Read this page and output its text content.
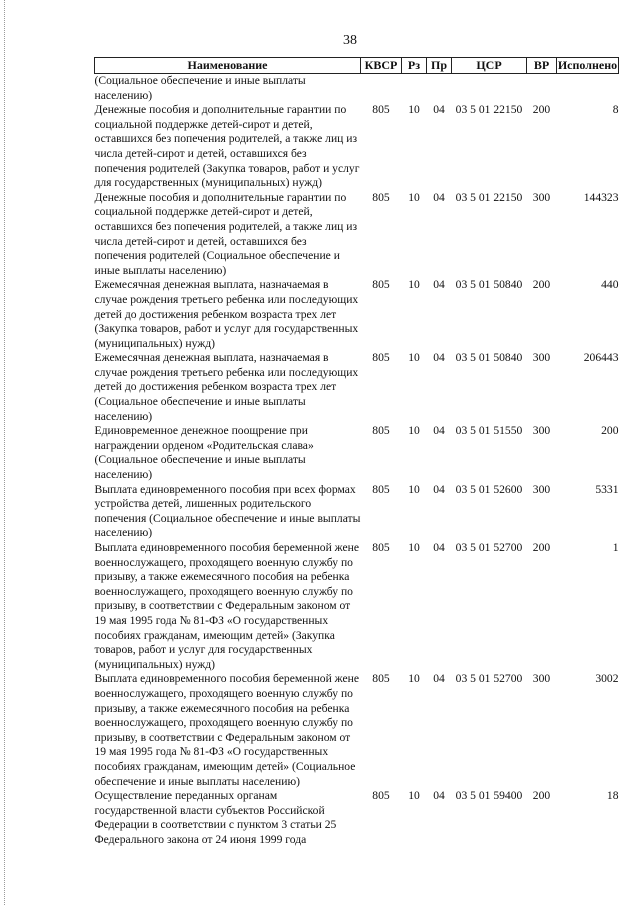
38
Наименование	КВСР	Рз	Пр	ЦСР	ВР	Исполнено
(Социальное обеспечение и иные выплаты населению)						
Денежные пособия и дополнительные гарантии по социальной поддержке детей-сирот и детей, оставшихся без попечения родителей, а также лиц из числа детей-сирот и детей, оставшихся без попечения родителей (Закупка товаров, работ и услуг для государственных (муниципальных) нужд)	805	10	04	03 5 01 22150	200	8
Денежные пособия и дополнительные гарантии по социальной поддержке детей-сирот и детей, оставшихся без попечения родителей, а также лиц из числа детей-сирот и детей, оставшихся без попечения родителей (Социальное обеспечение и иные выплаты населению)	805	10	04	03 5 01 22150	300	144323
Ежемесячная денежная выплата, назначаемая в случае рождения третьего ребенка или последующих детей до достижения ребенком возраста трех лет (Закупка товаров, работ и услуг для государственных (муниципальных) нужд)	805	10	04	03 5 01 50840	200	440
Ежемесячная денежная выплата, назначаемая в случае рождения третьего ребенка или последующих детей до достижения ребенком возраста трех лет (Социальное обеспечение и иные выплаты населению)	805	10	04	03 5 01 50840	300	206443
Единовременное денежное поощрение при награждении орденом «Родительская слава» (Социальное обеспечение и иные выплаты населению)	805	10	04	03 5 01 51550	300	200
Выплата единовременного пособия при всех формах устройства детей, лишенных родительского попечения (Социальное обеспечение и иные выплаты населению)	805	10	04	03 5 01 52600	300	5331
Выплата единовременного пособия беременной жене военнослужащего, проходящего военную службу по призыву, а также ежемесячного пособия на ребенка военнослужащего, проходящего военную службу по призыву, в соответствии с Федеральным законом от 19 мая 1995 года № 81-ФЗ «О государственных пособиях гражданам, имеющим детей» (Закупка товаров, работ и услуг для государственных (муниципальных) нужд)	805	10	04	03 5 01 52700	200	1
Выплата единовременного пособия беременной жене военнослужащего, проходящего военную службу по призыву, а также ежемесячного пособия на ребенка военнослужащего, проходящего военную службу по призыву, в соответствии с Федеральным законом от 19 мая 1995 года № 81-ФЗ «О государственных пособиях гражданам, имеющим детей» (Социальное обеспечение и иные выплаты населению)	805	10	04	03 5 01 52700	300	3002
Осуществление переданных органам государственной власти субъектов Российской Федерации в соответствии с пунктом 3 статьи 25 Федерального закона от 24 июня 1999 года	805	10	04	03 5 01 59400	200	18
